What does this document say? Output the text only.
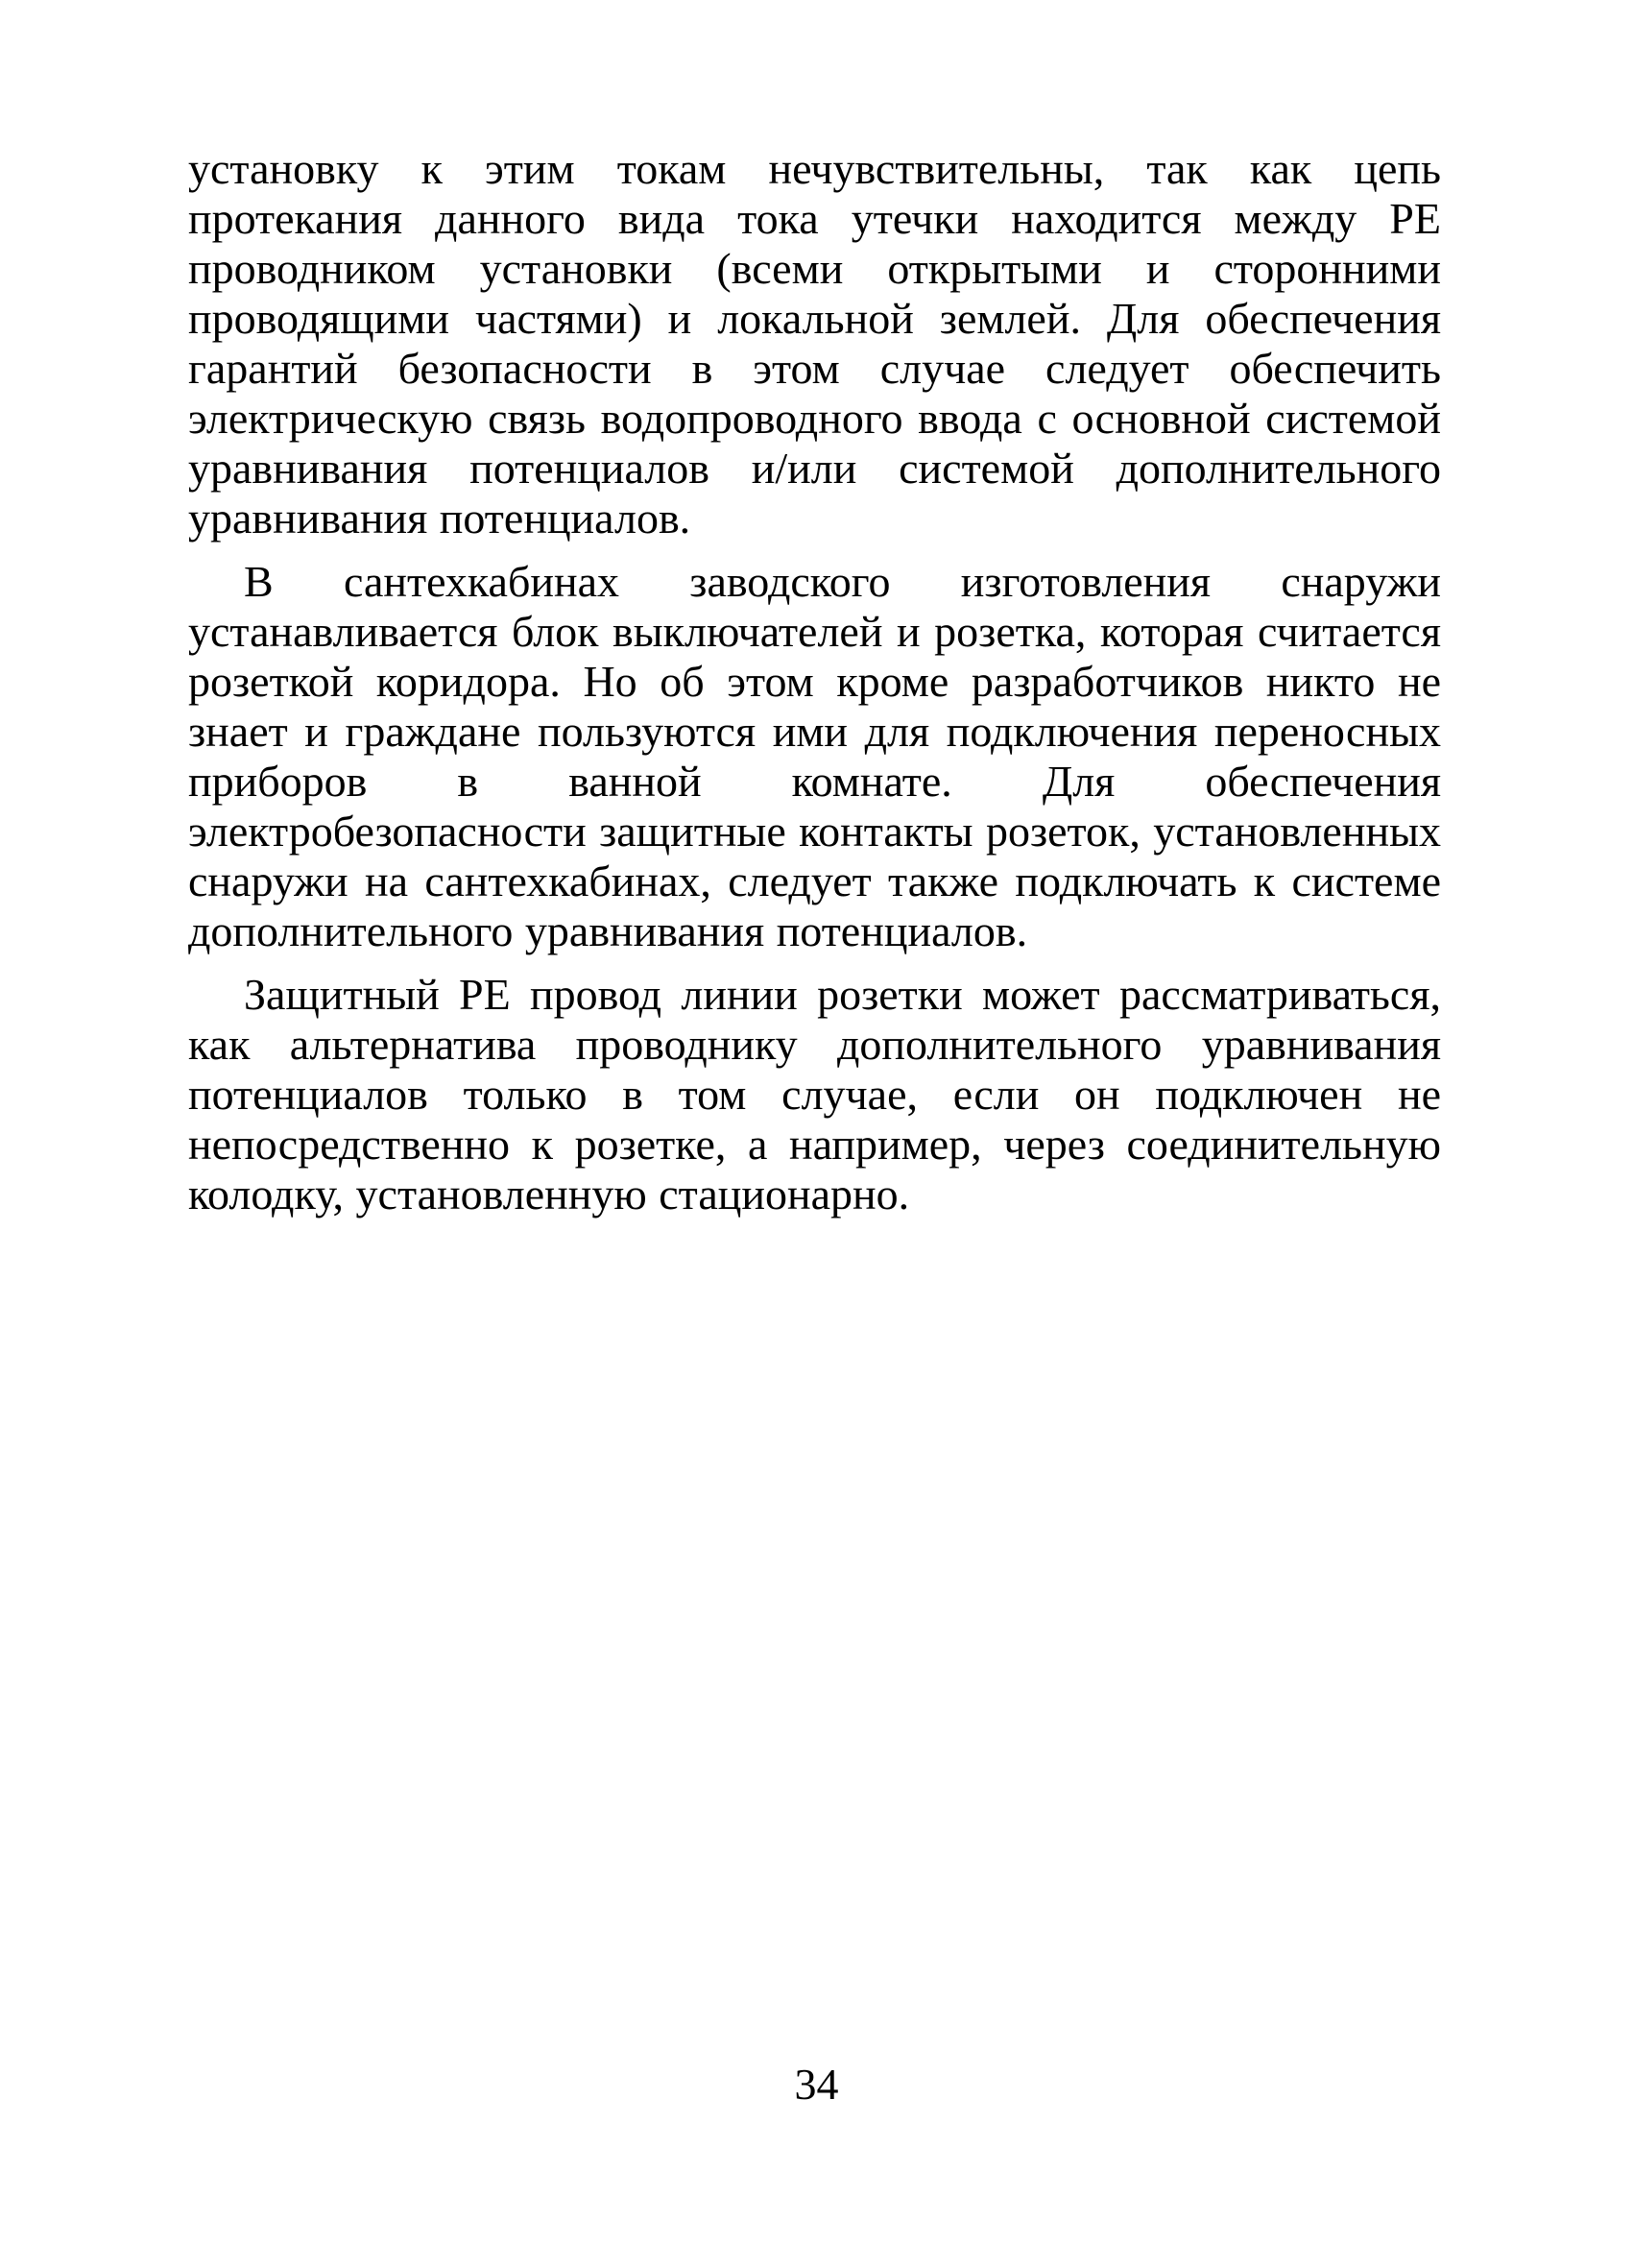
установку к этим токам нечувствительны, так как цепь протекания данного вида тока утечки находится между PE проводником установки (всеми открытыми и сторонними проводящими частями) и локальной землей. Для обеспечения гарантий безопасности в этом случае следует обеспечить электрическую связь водопроводного ввода с основной системой уравнивания потенциалов и/или системой дополнительного уравнивания потенциалов.

В сантехкабинах заводского изготовления снаружи устанавливается блок выключателей и розетка, которая считается розеткой коридора. Но об этом кроме разработчиков никто не знает и граждане пользуются ими для подключения переносных приборов в ванной комнате. Для обеспечения электробезопасности защитные контакты розеток, установленных снаружи на сантехкабинах, следует также подключать к системе дополнительного уравнивания потенциалов.

Защитный PE провод линии розетки может рассматриваться, как альтернатива проводнику дополнительного уравнивания потенциалов только в том случае, если он подключен не непосредственно к розетке, а например, через соединительную колодку, установленную стационарно.

34
